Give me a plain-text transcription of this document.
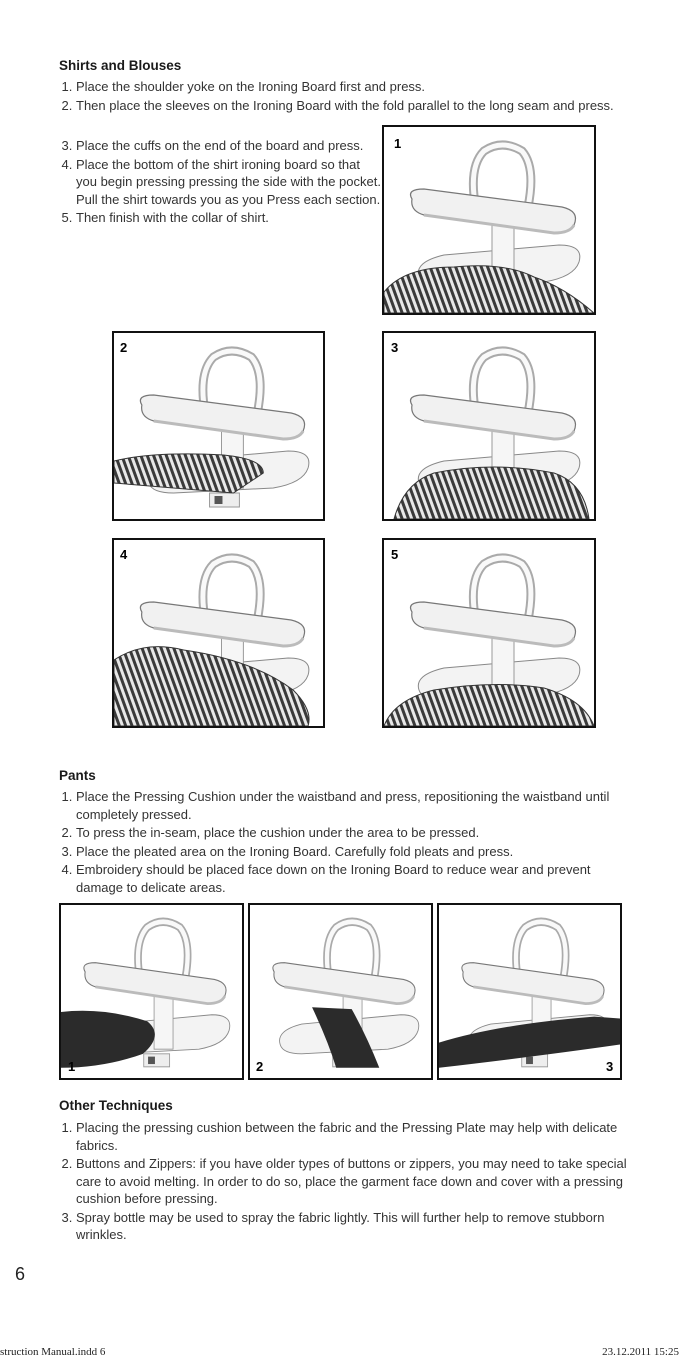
Shirts and Blouses
1. Place the shoulder yoke on the Ironing Board first and press.
2. Then place the sleeves on the Ironing Board with the fold parallel to the long seam and press.
3. Place the cuffs on the end of the board and press.
4. Place the bottom of the shirt ironing board so that you begin pressing pressing the side with the pocket. Pull the shirt towards you as you Press each section.
5. Then finish with the collar of shirt.
1
2	3
4	5
Pants
1. Place the Pressing Cushion under the waistband and press, repositioning the waistband until completely pressed.
2. To press the in-seam, place the cushion under the area to be pressed.
3. Place the pleated area on the Ironing Board. Carefully fold pleats and press.
4. Embroidery should be placed face down on the Ironing Board to reduce wear and prevent damage to delicate areas.
1	2	3
Other Techniques
1. Placing the pressing cushion between the fabric and the Pressing Plate may help with delicate fabrics.
2. Buttons and Zippers: if you have older types of buttons or zippers, you may need to take special care to avoid melting. In order to do so, place the garment face down and cover with a pressing cushion before pressing.
3. Spray bottle may be used to spray the fabric lightly. This will further help to remove stubborn wrinkles.
6
struction Manual.indd 6	23.12.2011 15:25
